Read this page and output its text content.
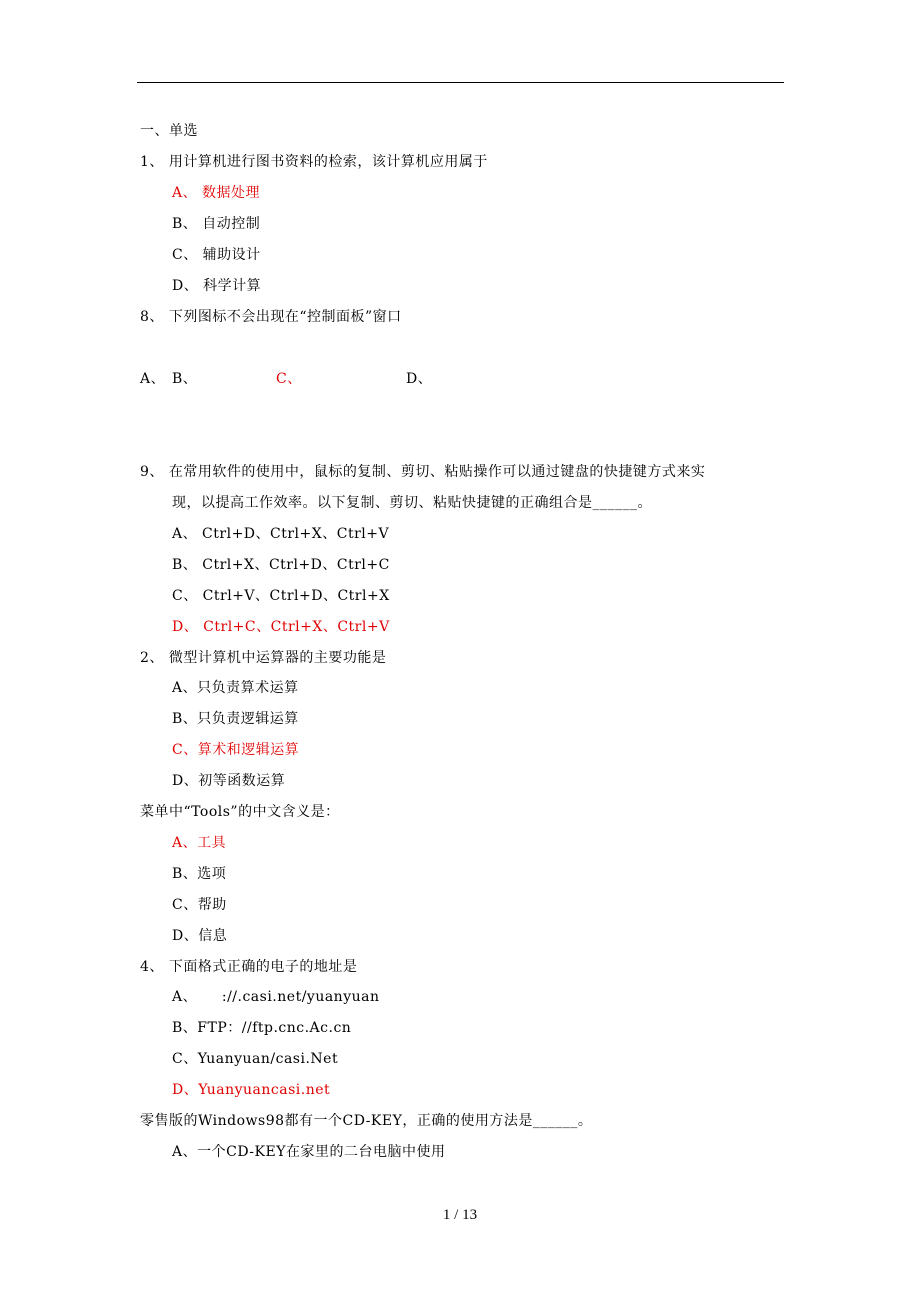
一、单选
1、 用计算机进行图书资料的检索，该计算机应用属于
A、 数据处理
B、 自动控制
C、 辅助设计
D、 科学计算
8、 下列图标不会出现在“控制面板”窗口
A、 B、	C、	D、
9、 在常用软件的使用中，鼠标的复制、剪切、粘贴操作可以通过键盘的快捷键方式来实
现，以提高工作效率。以下复制、剪切、粘贴快捷键的正确组合是______。
A、 Ctrl+D、Ctrl+X、Ctrl+V
B、 Ctrl+X、Ctrl+D、Ctrl+C
C、 Ctrl+V、Ctrl+D、Ctrl+X
D、 Ctrl+C、Ctrl+X、Ctrl+V
2、 微型计算机中运算器的主要功能是
A、只负责算术运算
B、只负责逻辑运算
C、算术和逻辑运算
D、初等函数运算
菜单中“Tools”的中文含义是：
A、工具
B、选项
C、帮助
D、信息
4、 下面格式正确的电子的地址是
A、     ://.casi.net/yuanyuan
B、FTP：//ftp.cnc.Ac.cn
C、Yuanyuan/casi.Net
D、Yuanyuancasi.net
零售版的Windows98都有一个CD-KEY，正确的使用方法是______。
A、一个CD-KEY在家里的二台电脑中使用
1 / 13
